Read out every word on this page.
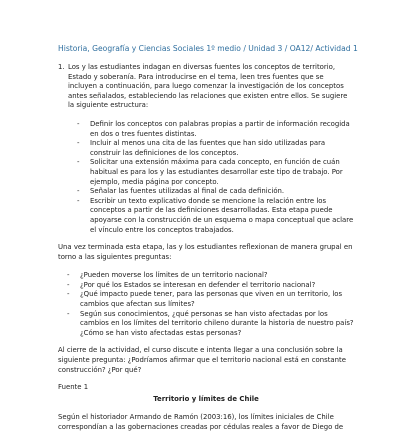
Historia, Geografía y Ciencias Sociales 1º medio / Unidad 3 / OA12/ Actividad 1
1. Los y las estudiantes indagan en diversas fuentes los conceptos de territorio, Estado y soberanía. Para introducirse en el tema, leen tres fuentes que se incluyen a continuación, para luego comenzar la investigación de los conceptos antes señalados, estableciendo las relaciones que existen entre ellos. Se sugiere la siguiente estructura:

- Definir los conceptos con palabras propias a partir de información recogida en dos o tres fuentes distintas.
- Incluir al menos una cita de las fuentes que han sido utilizadas para construir las definiciones de los conceptos.
- Solicitar una extensión máxima para cada concepto, en función de cuán habitual es para los y las estudiantes desarrollar este tipo de trabajo. Por ejemplo, media página por concepto.
- Señalar las fuentes utilizadas al final de cada definición.
- Escribir un texto explicativo donde se mencione la relación entre los conceptos a partir de las definiciones desarrolladas. Esta etapa puede apoyarse con la construcción de un esquema o mapa conceptual que aclare el vínculo entre los conceptos trabajados.

Una vez terminada esta etapa, las y los estudiantes reflexionan de manera grupal en torno a las siguientes preguntas:

- ¿Pueden moverse los límites de un territorio nacional?
- ¿Por qué los Estados se interesan en defender el territorio nacional?
- ¿Qué impacto puede tener, para las personas que viven en un territorio, los cambios que afectan sus límites?
- Según sus conocimientos, ¿qué personas se han visto afectadas por los cambios en los límites del territorio chileno durante la historia de nuestro país? ¿Cómo se han visto afectadas estas personas?

Al cierre de la actividad, el curso discute e intenta llegar a una conclusión sobre la siguiente pregunta: ¿Podríamos afirmar que el territorio nacional está en constante construcción? ¿Por qué?

Fuente 1

Territorio y límites de Chile

Según el historiador Armando de Ramón (2003:16), los límites iniciales de Chile correspondían a las gobernaciones creadas por cédulas reales a favor de Diego de
